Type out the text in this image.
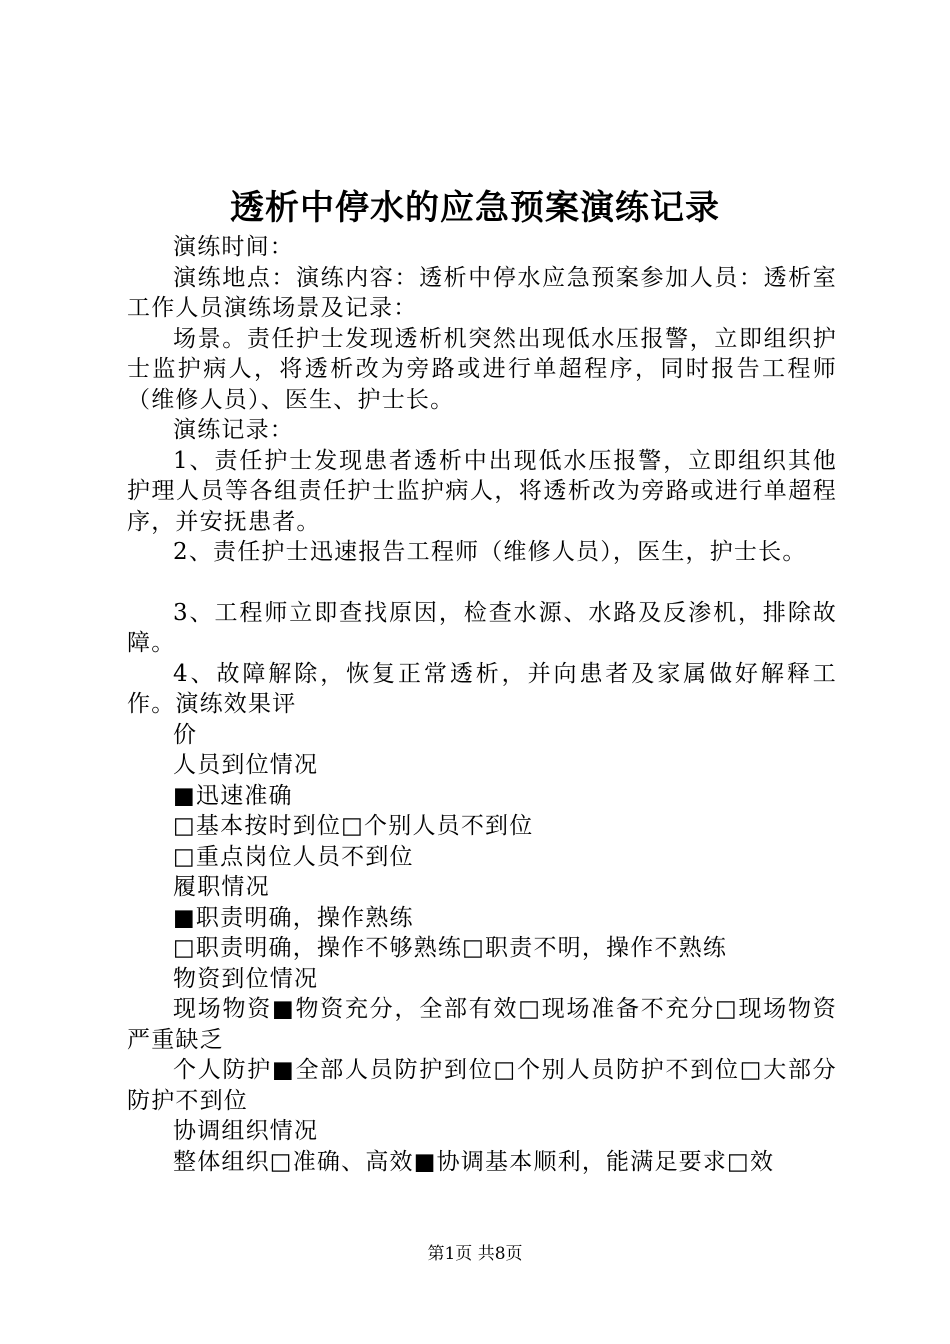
透析中停水的应急预案演练记录

演练时间：

演练地点：演练内容：透析中停水应急预案参加人员：透析室工作人员演练场景及记录：

场景。责任护士发现透析机突然出现低水压报警，立即组织护士监护病人，将透析改为旁路或进行单超程序，同时报告工程师（维修人员）、医生、护士长。

演练记录：

1、责任护士发现患者透析中出现低水压报警，立即组织其他护理人员等各组责任护士监护病人，将透析改为旁路或进行单超程序，并安抚患者。

2、责任护士迅速报告工程师（维修人员），医生，护士长。

3、工程师立即查找原因，检查水源、水路及反渗机，排除故障。

4、故障解除，恢复正常透析，并向患者及家属做好解释工作。演练效果评

价

人员到位情况

■迅速准确

□基本按时到位□个别人员不到位

□重点岗位人员不到位

履职情况

■职责明确，操作熟练

□职责明确，操作不够熟练□职责不明，操作不熟练

物资到位情况

现场物资■物资充分，全部有效□现场准备不充分□现场物资严重缺乏

个人防护■全部人员防护到位□个别人员防护不到位□大部分防护不到位

协调组织情况

整体组织□准确、高效■协调基本顺利，能满足要求□效

第1页 共8页
